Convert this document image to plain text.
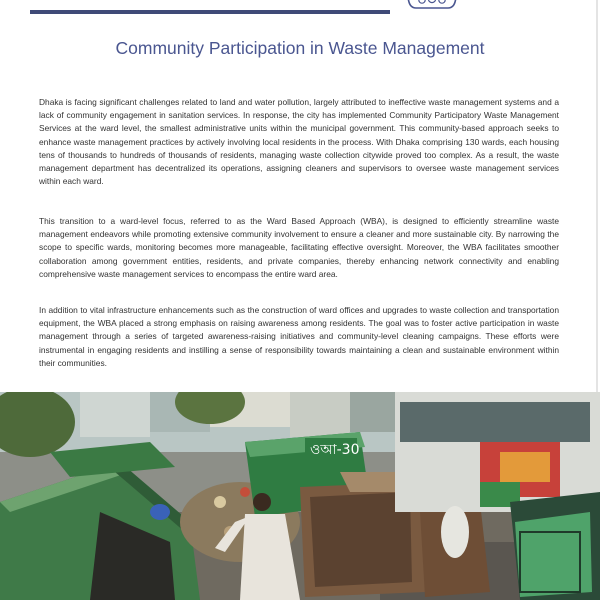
Community Participation in Waste Management

Dhaka is facing significant challenges related to land and water pollution, largely attributed to ineffective waste management systems and a lack of community engagement in sanitation services. In response, the city has implemented Community Participatory Waste Management Services at the ward level, the smallest administrative units within the municipal government. This community-based approach seeks to enhance waste management practices by actively involving local residents in the process. With Dhaka comprising 130 wards, each housing tens of thousands to hundreds of thousands of residents, managing waste collection citywide proved too complex. As a result, the waste management department has decentralized its operations, assigning cleaners and supervisors to oversee waste management services within each ward.

This transition to a ward-level focus, referred to as the Ward Based Approach (WBA), is designed to efficiently streamline waste management endeavors while promoting extensive community involvement to ensure a cleaner and more sustainable city. By narrowing the scope to specific wards, monitoring becomes more manageable, facilitating effective oversight. Moreover, the WBA facilitates smoother collaboration among government entities, residents, and private companies, thereby enhancing network connectivity and enabling comprehensive waste management services to encompass the entire ward area.

In addition to vital infrastructure enhancements such as the construction of ward offices and upgrades to waste collection and transportation equipment, the WBA placed a strong emphasis on raising awareness among residents. The goal was to foster active participation in waste management through a series of targeted awareness-raising initiatives and community-level cleaning campaigns. These efforts were instrumental in engaging residents and instilling a sense of responsibility towards maintaining a clean and sustainable environment within their communities.

ওআ-30
